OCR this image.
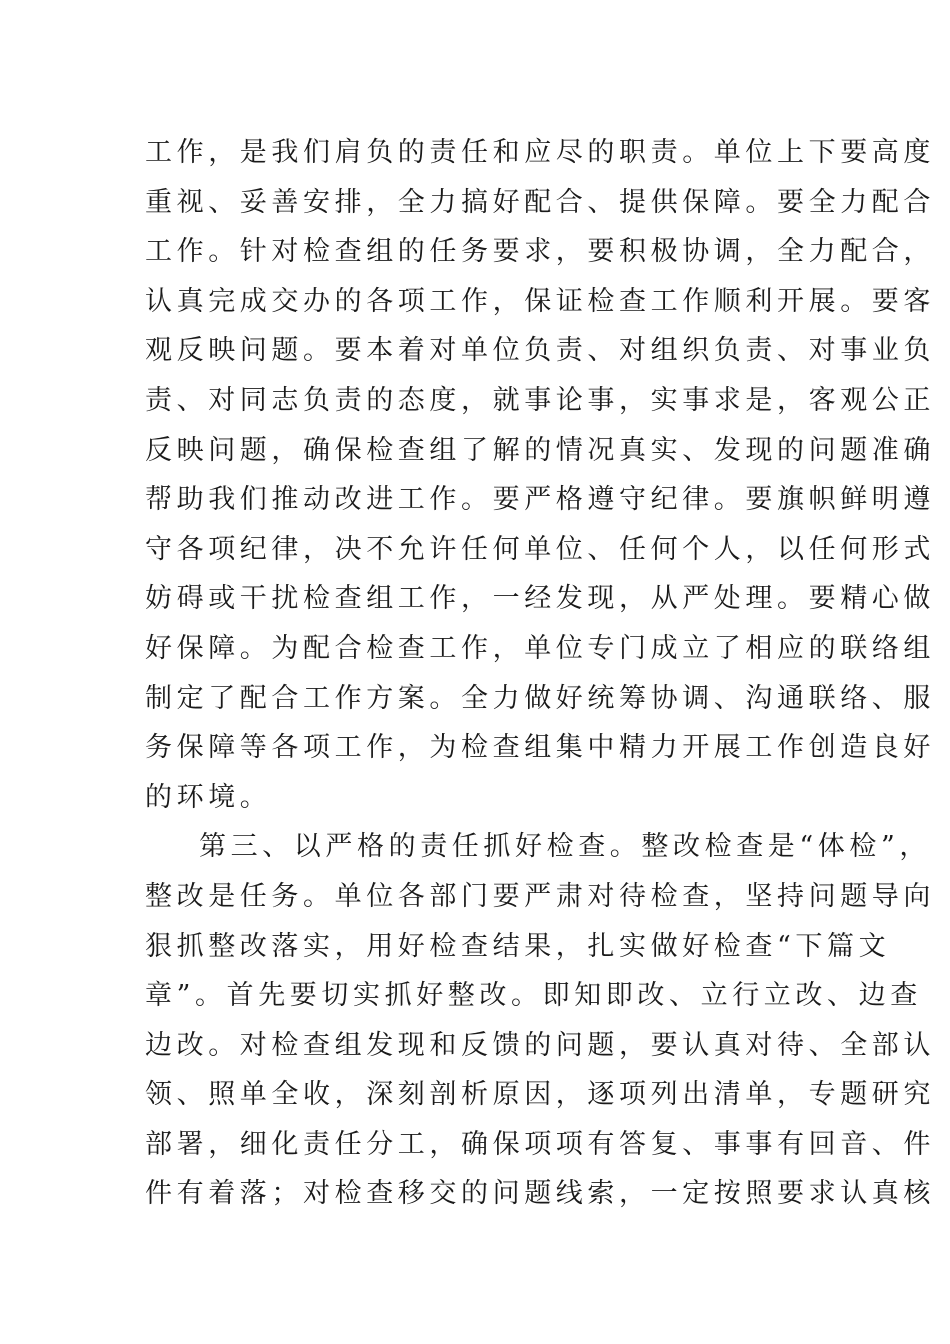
工作，是我们肩负的责任和应尽的职责。单位上下要高度
重视、妥善安排，全力搞好配合、提供保障。要全力配合
工作。针对检查组的任务要求，要积极协调，全力配合，
认真完成交办的各项工作，保证检查工作顺利开展。要客
观反映问题。要本着对单位负责、对组织负责、对事业负
责、对同志负责的态度，就事论事，实事求是，客观公正
反映问题，确保检查组了解的情况真实、发现的问题准确
帮助我们推动改进工作。要严格遵守纪律。要旗帜鲜明遵
守各项纪律，决不允许任何单位、任何个人，以任何形式
妨碍或干扰检查组工作，一经发现，从严处理。要精心做
好保障。为配合检查工作，单位专门成立了相应的联络组
制定了配合工作方案。全力做好统筹协调、沟通联络、服
务保障等各项工作，为检查组集中精力开展工作创造良好
的环境。
第三、以严格的责任抓好检查。整改检查是“体检”，
整改是任务。单位各部门要严肃对待检查，坚持问题导向
狠抓整改落实，用好检查结果，扎实做好检查“下篇文
章”。首先要切实抓好整改。即知即改、立行立改、边查
边改。对检查组发现和反馈的问题，要认真对待、全部认
领、照单全收，深刻剖析原因，逐项列出清单，专题研究
部署，细化责任分工，确保项项有答复、事事有回音、件
件有着落；对检查移交的问题线索，一定按照要求认真核
